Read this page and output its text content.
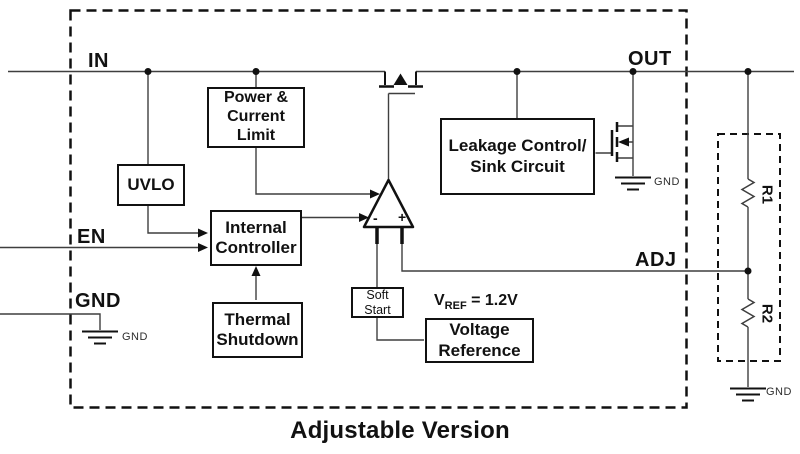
IN
EN
GND
OUT
ADJ
Power &
Current
Limit
UVLO
Internal
Controller
Thermal
Shutdown
Soft
Start
Voltage
Reference
Leakage Control/
Sink Circuit
- +
$V_{REF} = 1.2V$
R1
R2
GND
GND
GND
Adjustable Version
